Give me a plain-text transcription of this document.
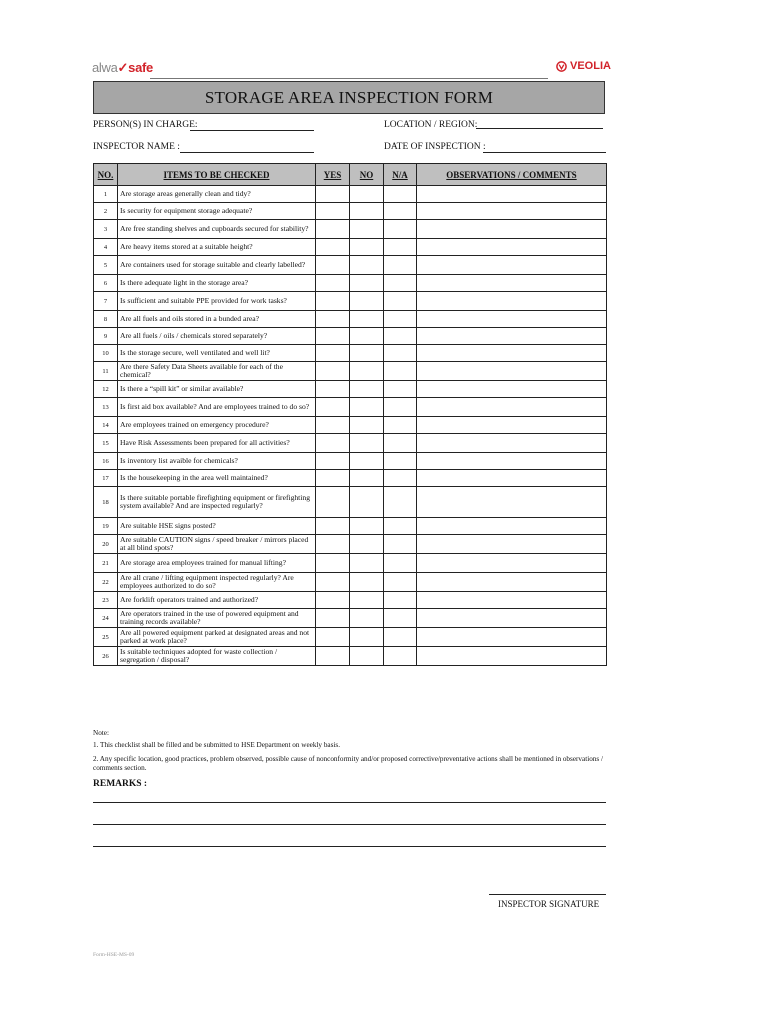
alwa✓safe	VEOLIA
STORAGE AREA INSPECTION FORM
PERSON(S) IN CHARGE:	LOCATION / REGION:
INSPECTOR NAME :	DATE OF INSPECTION :
NO.	ITEMS TO BE CHECKED	YES	NO	N/A	OBSERVATIONS / COMMENTS
1	Are storage areas generally clean and tidy?				
2	Is security for equipment storage adequate?				
3	Are free standing shelves and cupboards secured for stability?				
4	Are heavy items stored at a suitable height?				
5	Are containers used for storage suitable and clearly labelled?				
6	Is there adequate light in the storage area?				
7	Is sufficient and suitable PPE provided for work tasks?				
8	Are all fuels and oils stored in a bunded area?				
9	Are all fuels / oils / chemicals stored separately?				
10	Is the storage secure, well ventilated and well lit?				
11	Are there Safety Data Sheets available for each of the chemical?				
12	Is there a “spill kit” or similar available?				
13	Is first aid box available? And are employees trained to do so?				
14	Are employees trained on emergency procedure?				
15	Have Risk Assessments been prepared for all activities?				
16	Is inventory list avaible for chemicals?				
17	Is the housekeeping in the area well maintained?				
18	Is there suitable portable firefighting equipment or firefighting system available? And are inspected regularly?				
19	Are suitable HSE signs posted?				
20	Are suitable CAUTION signs / speed breaker / mirrors placed at all blind spots?				
21	Are storage area employees trained for manual lifting?				
22	Are all crane / lifting equipment inspected regularly? Are employees authorized to do so?				
23	Are forklift operators trained and authorized?				
24	Are operators trained in the use of powered equipment and training records available?				
25	Are all powered equipment parked at designated areas and not parked at work place?				
26	Is suitable techniques adopted for waste collection / segregation / disposal?				

Note:

1. This checklist shall be filled and be submitted to HSE Department on weekly basis.

2. Any specific location, good practices, problem observed, possible cause of nonconformity and/or proposed corrective/preventative actions shall be mentioned in observations / comments section.

REMARKS :
INSPECTOR SIGNATURE
Form-HSE-MS-09
